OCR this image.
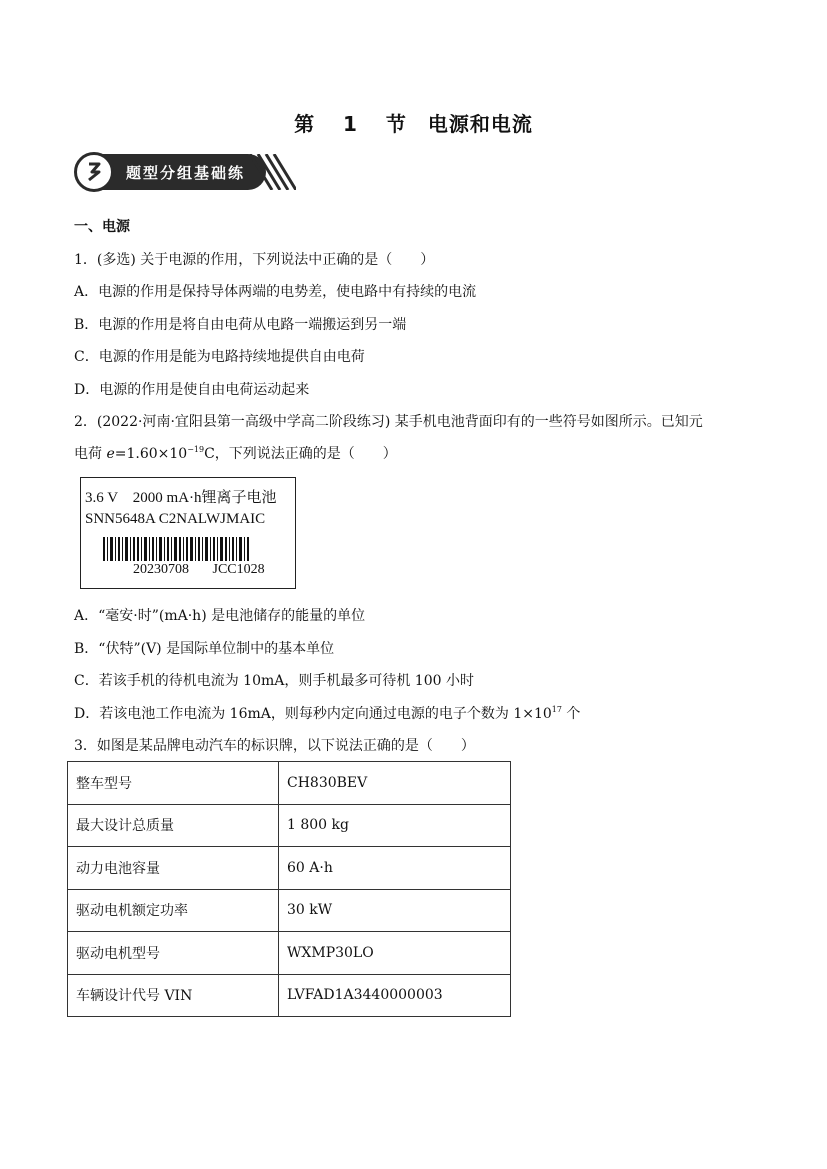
第 1 节　电源和电流
题型分组基础练
一、电源
1．(多选) 关于电源的作用，下列说法中正确的是（　　）
A．电源的作用是保持导体两端的电势差，使电路中有持续的电流
B．电源的作用是将自由电荷从电路一端搬运到另一端
C．电源的作用是能为电路持续地提供自由电荷
D．电源的作用是使自由电荷运动起来
2．(2022·河南·宜阳县第一高级中学高二阶段练习) 某手机电池背面印有的一些符号如图所示。已知元
电荷 $e=1.60\times 10^{-19}C$，下列说法正确的是（　　）
3.6 V　2000 mA·h锂离子电池
SNN5648A C2NALWJMAIC
20230708 JCC1028
A．“毫安·时”(mA·h) 是电池储存的能量的单位
B．“伏特”(V) 是国际单位制中的基本单位
C．若该手机的待机电流为 10mA，则手机最多可待机 100 小时
D．若该电池工作电流为 16mA，则每秒内定向通过电源的电子个数为 $1\times 10^{17}$ 个
3．如图是某品牌电动汽车的标识牌，以下说法正确的是（　　）
整车型号	CH830BEV
最大设计总质量	1 800 kg
动力电池容量	60 A·h
驱动电机额定功率	30 kW
驱动电机型号	WXMP30LO
车辆设计代号 VIN	LVFAD1A3440000003
